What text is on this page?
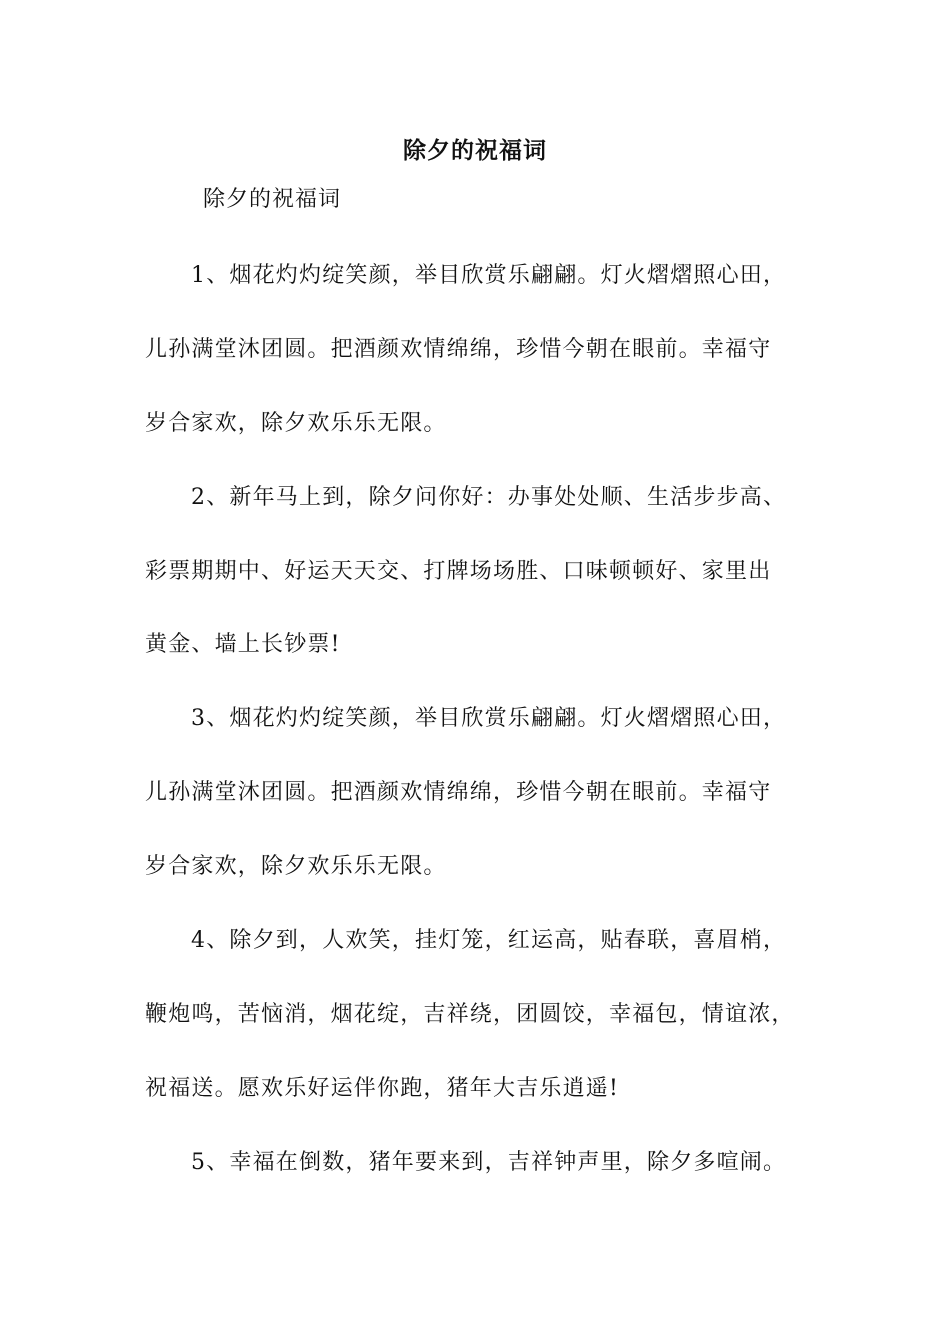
除夕的祝福词
除夕的祝福词
1、烟花灼灼绽笑颜，举目欣赏乐翩翩。灯火熠熠照心田，
儿孙满堂沐团圆。把酒颜欢情绵绵，珍惜今朝在眼前。幸福守
岁合家欢，除夕欢乐乐无限。
2、新年马上到，除夕问你好：办事处处顺、生活步步高、
彩票期期中、好运天天交、打牌场场胜、口味顿顿好、家里出
黄金、墙上长钞票!
3、烟花灼灼绽笑颜，举目欣赏乐翩翩。灯火熠熠照心田，
儿孙满堂沐团圆。把酒颜欢情绵绵，珍惜今朝在眼前。幸福守
岁合家欢，除夕欢乐乐无限。
4、除夕到，人欢笑，挂灯笼，红运高，贴春联，喜眉梢，
鞭炮鸣，苦恼消，烟花绽，吉祥绕，团圆饺，幸福包，情谊浓，
祝福送。愿欢乐好运伴你跑，猪年大吉乐逍遥!
5、幸福在倒数，猪年要来到，吉祥钟声里，除夕多喧闹。
